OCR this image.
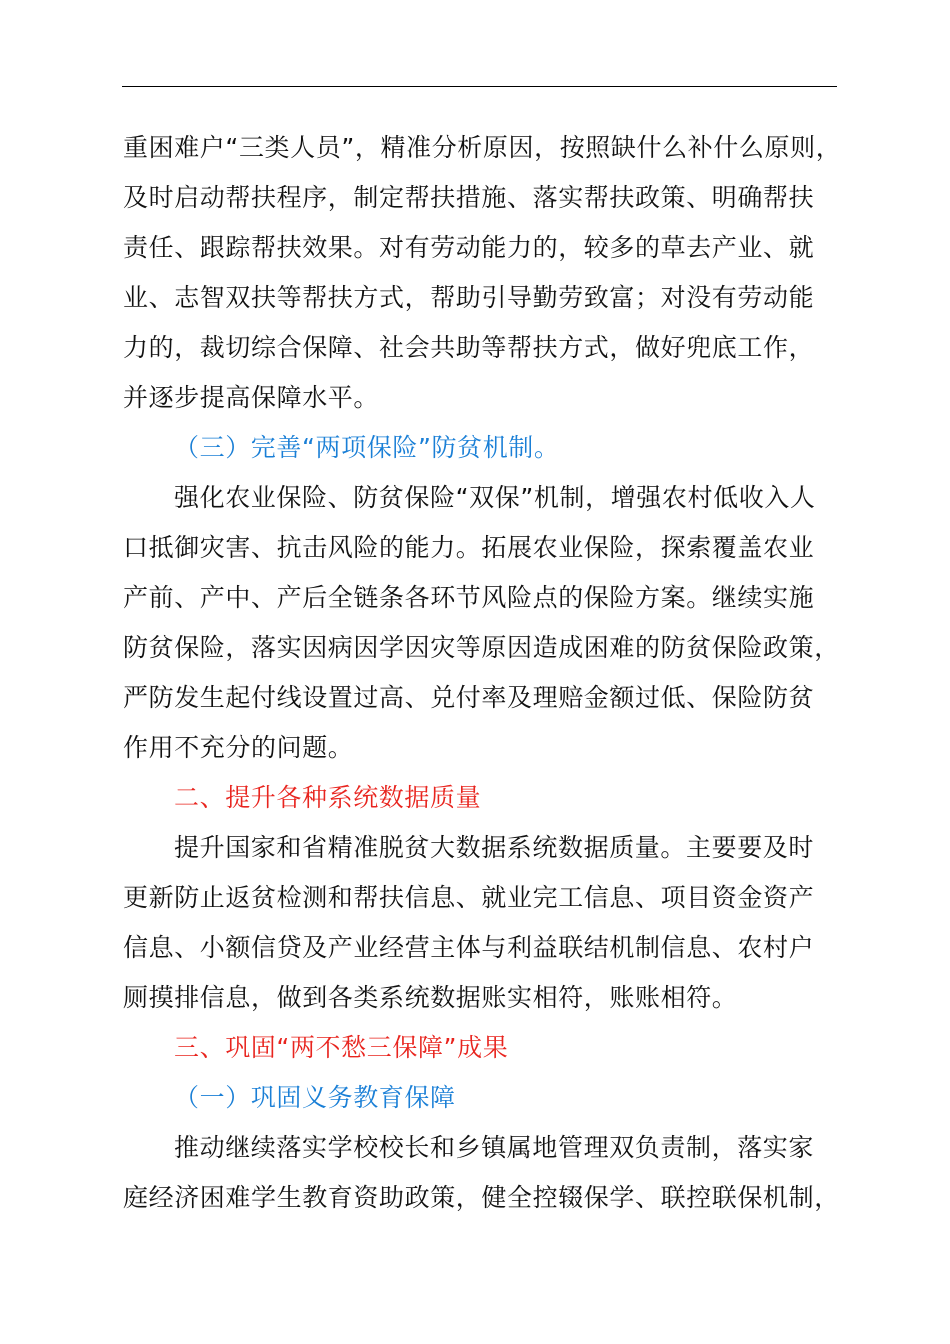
重困难户“三类人员”，精准分析原因，按照缺什么补什么原则，
及时启动帮扶程序，制定帮扶措施、落实帮扶政策、明确帮扶
责任、跟踪帮扶效果。对有劳动能力的，较多的草去产业、就
业、志智双扶等帮扶方式，帮助引导勤劳致富；对没有劳动能
力的，裁切综合保障、社会共助等帮扶方式，做好兜底工作，
并逐步提高保障水平。
（三）完善“两项保险”防贫机制。
强化农业保险、防贫保险“双保”机制，增强农村低收入人
口抵御灾害、抗击风险的能力。拓展农业保险，探索覆盖农业
产前、产中、产后全链条各环节风险点的保险方案。继续实施
防贫保险，落实因病因学因灾等原因造成困难的防贫保险政策，
严防发生起付线设置过高、兑付率及理赔金额过低、保险防贫
作用不充分的问题。
二、提升各种系统数据质量
提升国家和省精准脱贫大数据系统数据质量。主要要及时
更新防止返贫检测和帮扶信息、就业完工信息、项目资金资产
信息、小额信贷及产业经营主体与利益联结机制信息、农村户
厕摸排信息，做到各类系统数据账实相符，账账相符。
三、巩固“两不愁三保障”成果
（一）巩固义务教育保障
推动继续落实学校校长和乡镇属地管理双负责制，落实家
庭经济困难学生教育资助政策，健全控辍保学、联控联保机制，
